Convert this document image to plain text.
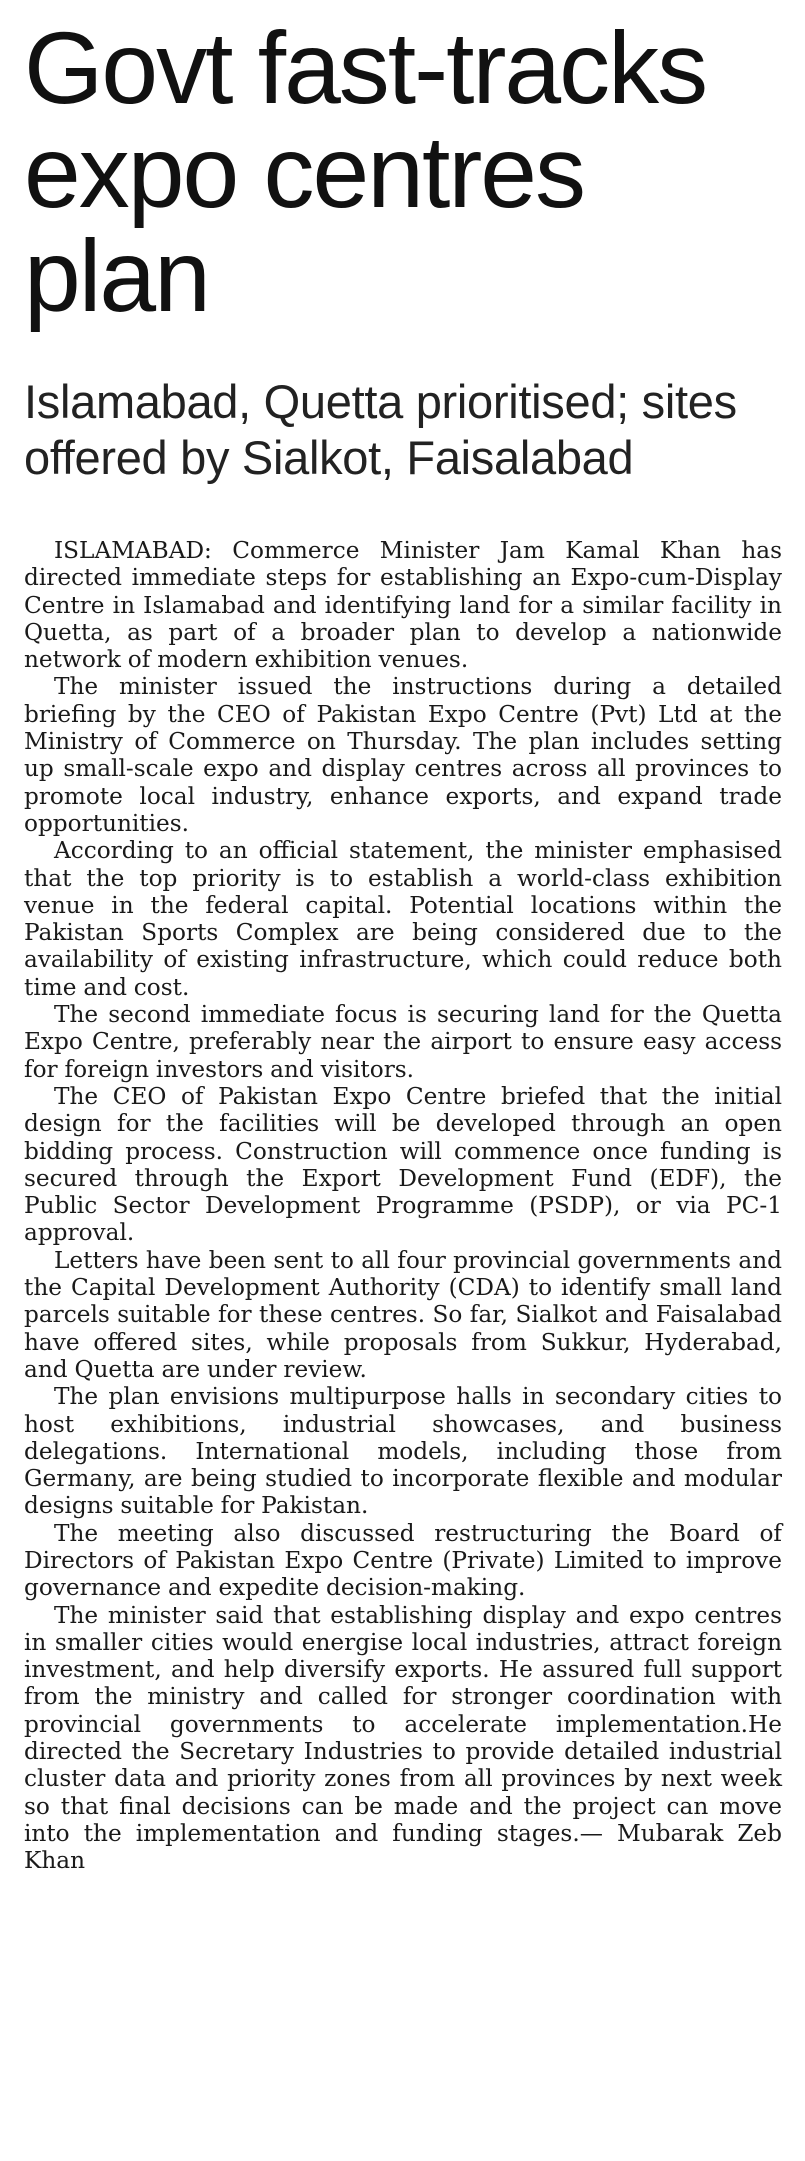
Govt fast-tracks
expo centres plan
Islamabad, Quetta prioritised; sites
offered by Sialkot, Faisalabad

ISLAMABAD: Commerce Minister Jam Kamal Khan has directed immediate steps for establishing an Expo-cum-Display Centre in Islamabad and identifying land for a similar facility in Quetta, as part of a broader plan to develop a nationwide network of modern exhibition venues.

The minister issued the instructions during a detailed briefing by the CEO of Pakistan Expo Centre (Pvt) Ltd at the Ministry of Commerce on Thursday. The plan includes setting up small-scale expo and display centres across all provinces to promote local industry, enhance exports, and expand trade opportunities.

According to an official statement, the minister emphasised that the top priority is to establish a world-class exhibition venue in the federal capital. Potential locations within the Pakistan Sports Complex are being considered due to the availability of existing infrastructure, which could reduce both time and cost.

The second immediate focus is securing land for the Quetta Expo Centre, preferably near the airport to ensure easy access for foreign investors and visitors.

The CEO of Pakistan Expo Centre briefed that the initial design for the facilities will be developed through an open bidding process. Construction will commence once funding is secured through the Export Development Fund (EDF), the Public Sector Development Programme (PSDP), or via PC-1 approval.

Letters have been sent to all four provincial governments and the Capital Development Authority (CDA) to identify small land parcels suitable for these centres. So far, Sialkot and Faisalabad have offered sites, while proposals from Sukkur, Hyderabad, and Quetta are under review.

The plan envisions multipurpose halls in secondary cities to host exhibitions, industrial showcases, and business delegations. International models, including those from Germany, are being studied to incorporate flexible and modular designs suitable for Pakistan.

The meeting also discussed restructuring the Board of Directors of Pakistan Expo Centre (Private) Limited to improve governance and expedite decision-making.

The minister said that establishing display and expo centres in smaller cities would energise local industries, attract foreign investment, and help diversify exports. He assured full support from the ministry and called for stronger coordination with provincial governments to accelerate implementation.He directed the Secretary Industries to provide detailed industrial cluster data and priority zones from all provinces by next week so that final decisions can be made and the project can move into the implementation and funding stages.— Mubarak Zeb Khan
